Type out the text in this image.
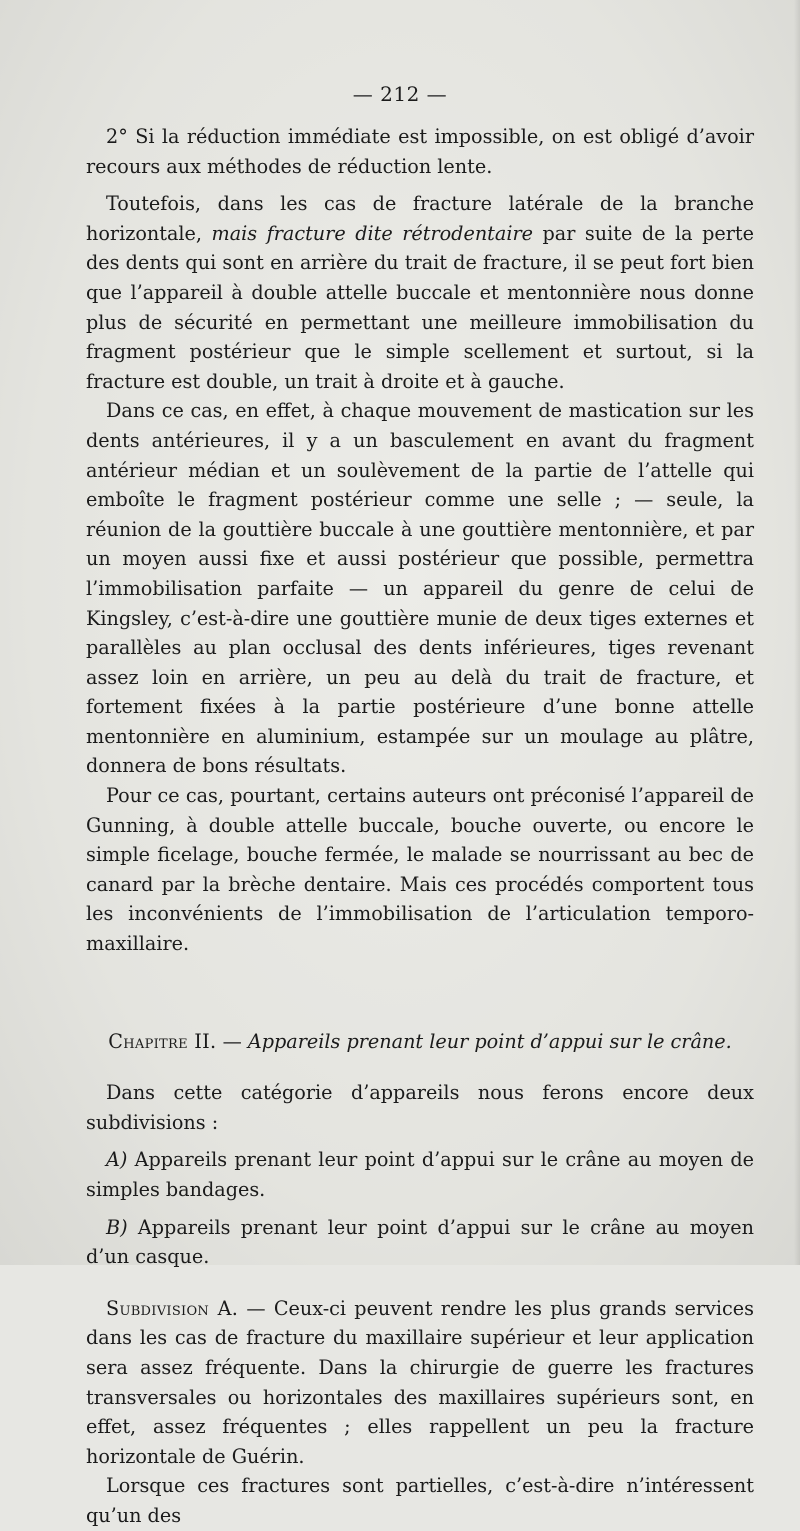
— 212 —

2° Si la réduction immédiate est impossible, on est obligé d’avoir recours aux méthodes de réduction lente.

Toutefois, dans les cas de fracture latérale de la branche horizontale, mais fracture dite rétrodentaire par suite de la perte des dents qui sont en arrière du trait de fracture, il se peut fort bien que l’appareil à double attelle buccale et mentonnière nous donne plus de sécurité en permettant une meilleure immobilisation du fragment postérieur que le simple scellement et surtout, si la fracture est double, un trait à droite et à gauche.

Dans ce cas, en effet, à chaque mouvement de mastication sur les dents antérieures, il y a un basculement en avant du fragment antérieur médian et un soulèvement de la partie de l’attelle qui emboîte le fragment postérieur comme une selle ; — seule, la réunion de la gouttière buccale à une gouttière mentonnière, et par un moyen aussi fixe et aussi postérieur que possible, permettra l’immobilisation parfaite — un appareil du genre de celui de Kingsley, c’est-à-dire une gouttière munie de deux tiges externes et parallèles au plan occlusal des dents inférieures, tiges revenant assez loin en arrière, un peu au delà du trait de fracture, et fortement fixées à la partie postérieure d’une bonne attelle mentonnière en aluminium, estampée sur un moulage au plâtre, donnera de bons résultats.

Pour ce cas, pourtant, certains auteurs ont préconisé l’appareil de Gunning, à double attelle buccale, bouche ouverte, ou encore le simple ficelage, bouche fermée, le malade se nourrissant au bec de canard par la brèche dentaire. Mais ces procédés comportent tous les inconvénients de l’immobilisation de l’articulation temporo-maxillaire.

Chapitre II. — Appareils prenant leur point d’appui sur le crâne.

Dans cette catégorie d’appareils nous ferons encore deux subdivisions :

A) Appareils prenant leur point d’appui sur le crâne au moyen de simples bandages.

B) Appareils prenant leur point d’appui sur le crâne au moyen d’un casque.

Subdivision A. — Ceux-ci peuvent rendre les plus grands services dans les cas de fracture du maxillaire supérieur et leur application sera assez fréquente. Dans la chirurgie de guerre les fractures transversales ou horizontales des maxillaires supérieurs sont, en effet, assez fréquentes ; elles rappellent un peu la fracture horizontale de Guérin.

Lorsque ces fractures sont partielles, c’est-à-dire n’intéressent qu’un des
